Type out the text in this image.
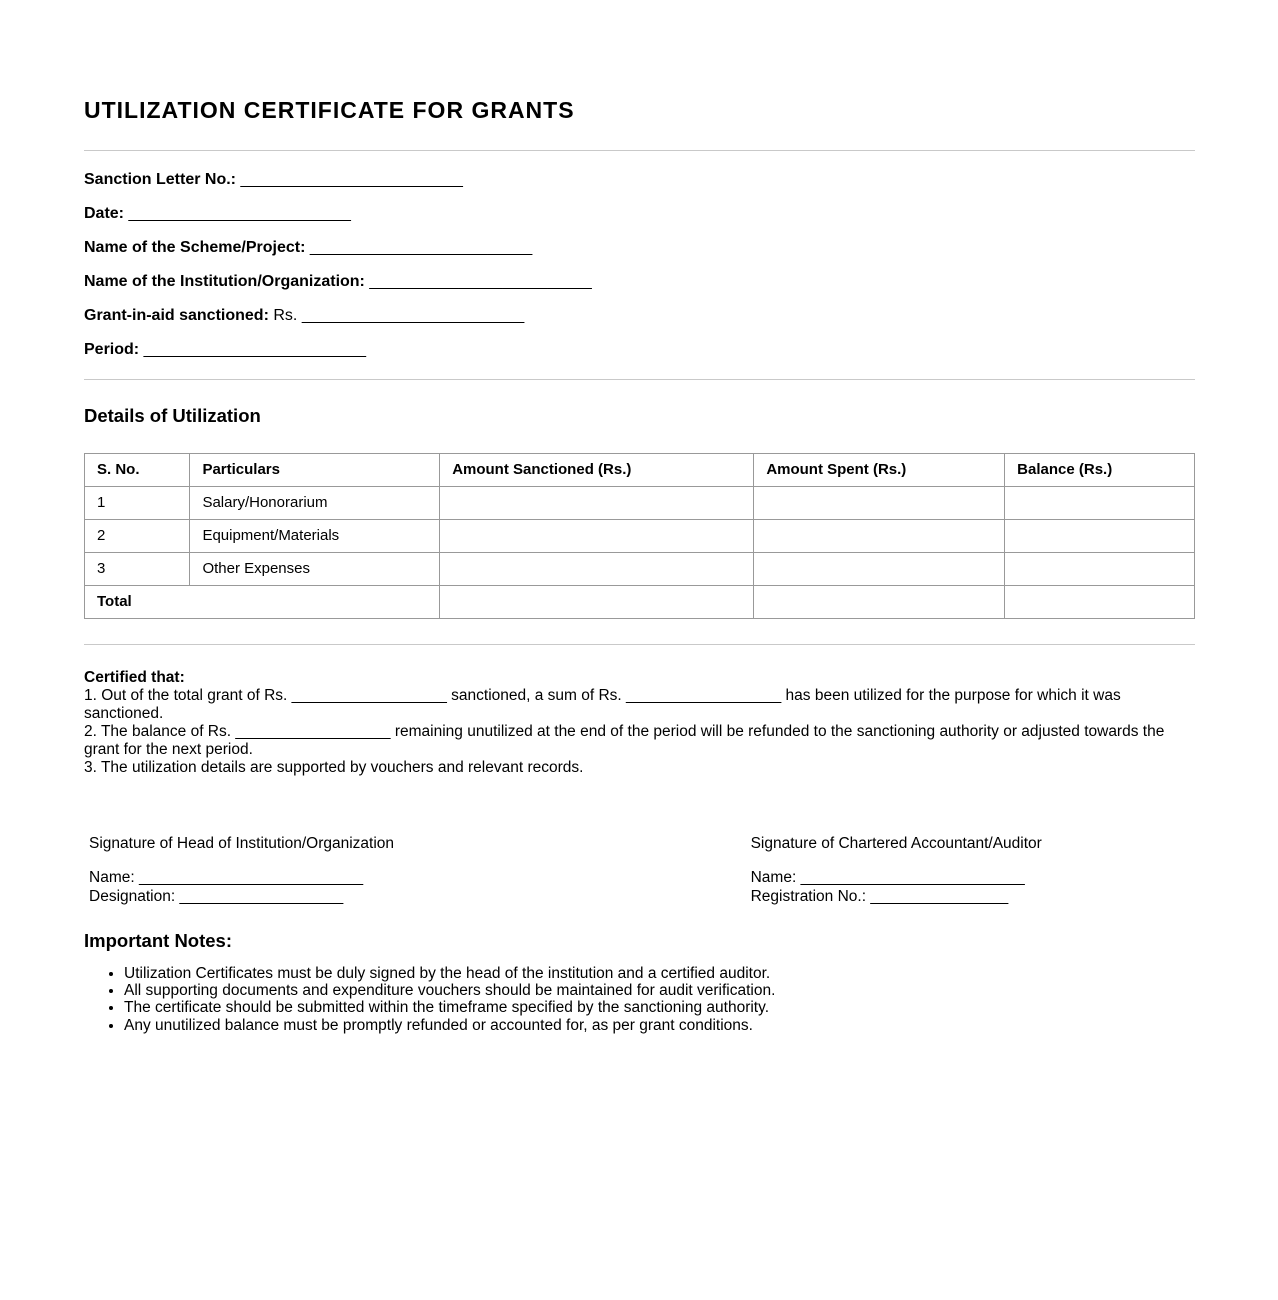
UTILIZATION CERTIFICATE FOR GRANTS

Sanction Letter No.: _________________________

Date: _________________________

Name of the Scheme/Project: _________________________

Name of the Institution/Organization: _________________________

Grant-in-aid sanctioned: Rs. _________________________

Period: _________________________

Details of Utilization
S. No.	Particulars	Amount Sanctioned (Rs.)	Amount Spent (Rs.)	Balance (Rs.)
1	Salary/Honorarium			
2	Equipment/Materials			
3	Other Expenses			
Total				
Certified that:
1. Out of the total grant of Rs. __________________ sanctioned, a sum of Rs. __________________ has been utilized for the purpose for which it was sanctioned.
2. The balance of Rs. __________________ remaining unutilized at the end of the period will be refunded to the sanctioning authority or adjusted towards the grant for the next period.
3. The utilization details are supported by vouchers and relevant records.
Signature of Head of Institution/Organization
Name: __________________________
Designation: ___________________
Signature of Chartered Accountant/Auditor
Name: __________________________
Registration No.: ________________
Important Notes:
• Utilization Certificates must be duly signed by the head of the institution and a certified auditor.
• All supporting documents and expenditure vouchers should be maintained for audit verification.
• The certificate should be submitted within the timeframe specified by the sanctioning authority.
• Any unutilized balance must be promptly refunded or accounted for, as per grant conditions.
